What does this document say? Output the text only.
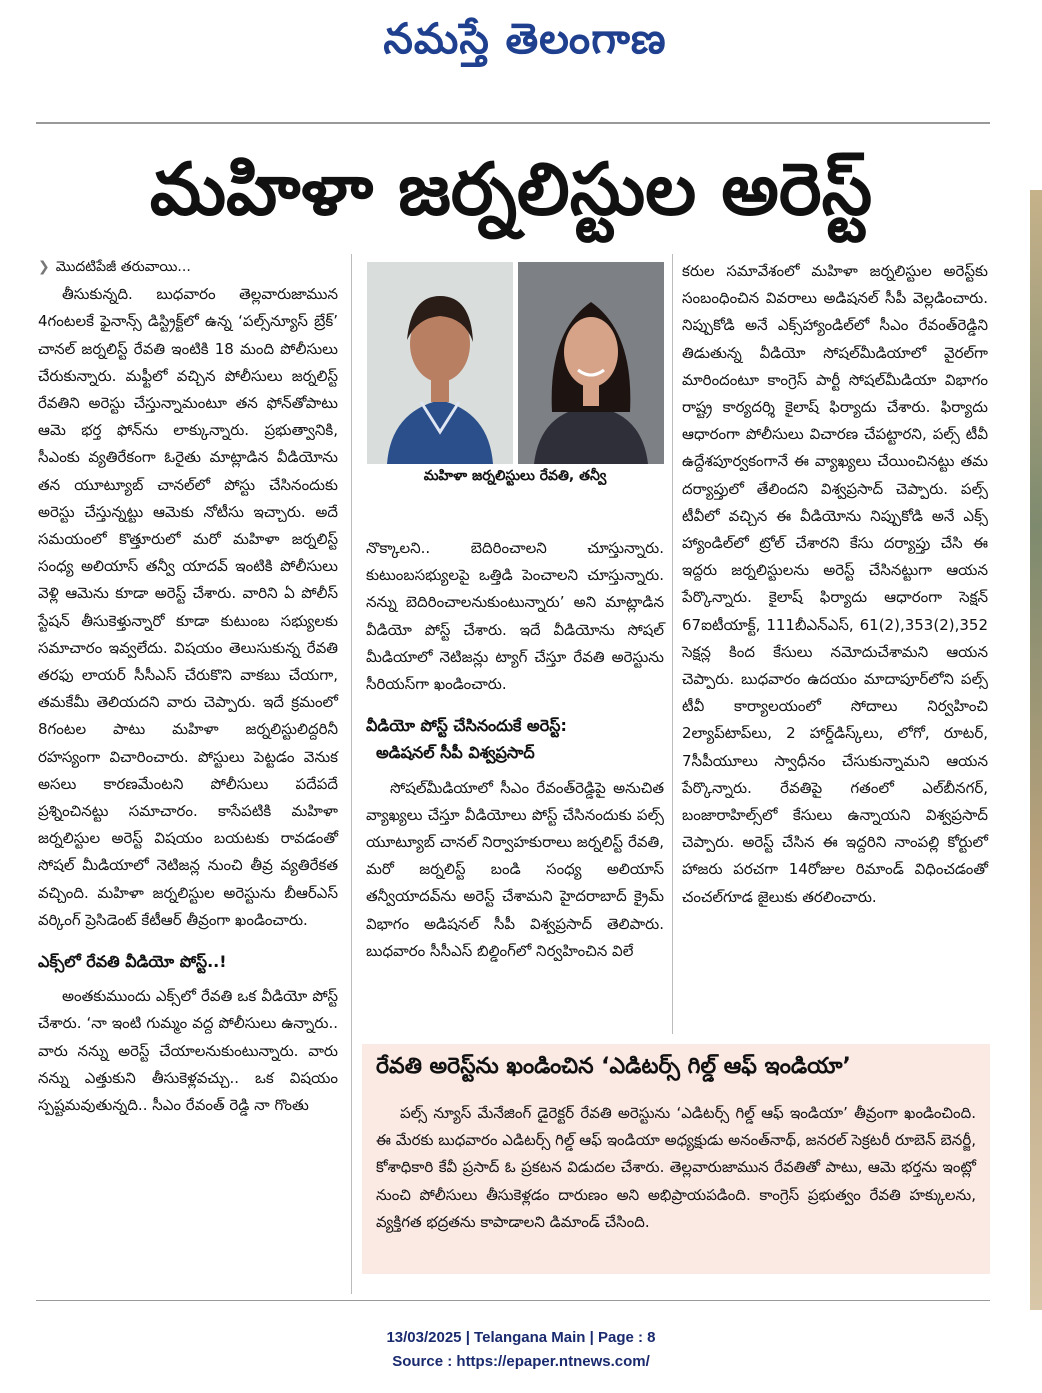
నమస్తే తెలంగాణ
మహిళా జర్నలిస్టుల అరెస్ట్

❯ మొదటిపేజీ తరువాయి...

తీసుకున్నది. బుధవారం తెల్లవారుజామున 4గంటలకే ఫైనాన్స్ డిస్ట్రిక్ట్‌లో ఉన్న ‘పల్స్‌న్యూస్ బ్రేక్’ చానల్ జర్నలిస్ట్ రేవతి ఇంటికి 18 మంది పోలీసులు చేరుకున్నారు. మఫ్టీలో వచ్చిన పోలీసులు జర్నలిస్ట్ రేవతిని అరెస్టు చేస్తున్నామంటూ తన ఫోన్‌తోపాటు ఆమె భర్త ఫోన్‌ను లాక్కున్నారు. ప్రభుత్వానికి, సీఎంకు వ్యతిరేకంగా ఓరైతు మాట్లాడిన వీడియోను తన యూట్యూబ్ చానల్‌లో పోస్టు చేసినందుకు అరెస్టు చేస్తున్నట్టు ఆమెకు నోటీసు ఇచ్చారు. అదే సమయంలో కొత్తూరులో మరో మహిళా జర్నలిస్ట్ సంధ్య అలియాస్ తన్వీ యాదవ్ ఇంటికి పోలీసులు వెళ్లి ఆమెను కూడా అరెస్ట్ చేశారు. వారిని ఏ పోలీస్ స్టేషన్ తీసుకెళ్తున్నారో కూడా కుటుంబ సభ్యులకు సమాచారం ఇవ్వలేదు. విషయం తెలుసుకున్న రేవతి తరఫు లాయర్ సీసీఎస్ చేరుకొని వాకబు చేయగా, తమకేమీ తెలియదని వారు చెప్పారు. ఇదే క్రమంలో 8గంటల పాటు మహిళా జర్నలిస్టులిద్దరినీ రహస్యంగా విచారించారు. పోస్టులు పెట్టడం వెనుక అసలు కారణమేంటని పోలీసులు పదేపదే ప్రశ్నించినట్టు సమాచారం. కాసేపటికి మహిళా జర్నలిస్టుల అరెస్ట్ విషయం బయటకు రావడంతో సోషల్ మీడియాలో నెటిజన్ల నుంచి తీవ్ర వ్యతిరేకత వచ్చింది. మహిళా జర్నలిస్టుల అరెస్టును బీఆర్‌ఎస్ వర్కింగ్ ప్రెసిడెంట్ కేటీఆర్ తీవ్రంగా ఖండించారు.

ఎక్స్‌లో రేవతి వీడియో పోస్ట్..!

అంతకుముందు ఎక్స్‌లో రేవతి ఒక వీడియో పోస్ట్ చేశారు. ‘నా ఇంటి గుమ్మం వద్ద పోలీసులు ఉన్నారు.. వారు నన్ను అరెస్ట్ చేయాలనుకుంటున్నారు. వారు నన్ను ఎత్తుకుని తీసుకెళ్లవచ్చు.. ఒక విషయం స్పష్టమవుతున్నది.. సీఎం రేవంత్ రెడ్డి నా గొంతు

మహిళా జర్నలిస్టులు రేవతి, తన్వీ

నొక్కాలని.. బెదిరించాలని చూస్తున్నారు. కుటుంబసభ్యులపై ఒత్తిడి పెంచాలని చూస్తున్నారు. నన్ను బెదిరించాలనుకుంటున్నారు’ అని మాట్లాడిన వీడియో పోస్ట్ చేశారు. ఇదే వీడియోను సోషల్ మీడియాలో నెటిజన్లు ట్యాగ్ చేస్తూ రేవతి అరెస్టును సీరియస్‌గా ఖండించారు.

వీడియో పోస్ట్ చేసినందుకే అరెస్ట్:

అడిషనల్ సీపీ విశ్వప్రసాద్

సోషల్‌మీడియాలో సీఎం రేవంత్‌రెడ్డిపై అనుచిత వ్యాఖ్యలు చేస్తూ వీడియోలు పోస్ట్ చేసినందుకు పల్స్ యూట్యూబ్ చానల్ నిర్వాహకురాలు జర్నలిస్ట్ రేవతి, మరో జర్నలిస్ట్ బండి సంధ్య అలియాస్ తన్వీయాదవ్‌ను అరెస్ట్ చేశామని హైదరాబాద్ క్రైమ్ విభాగం అడిషనల్ సీపీ విశ్వప్రసాద్ తెలిపారు. బుధవారం సీసీఎస్ బిల్డింగ్‌లో నిర్వహించిన విలే

కరుల సమావేశంలో మహిళా జర్నలిస్టుల అరెస్ట్‌కు సంబంధించిన వివరాలు అడిషనల్ సీపీ వెల్లడించారు. నిప్పుకోడి అనే ఎక్స్‌హ్యాండిల్‌లో సీఎం రేవంత్‌రెడ్డిని తిడుతున్న వీడియో సోషల్‌మీడియాలో వైరల్‌గా మారిందంటూ కాంగ్రెస్ పార్టీ సోషల్‌మీడియా విభాగం రాష్ట్ర కార్యదర్శి కైలాష్ ఫిర్యాదు చేశారు. ఫిర్యాదు ఆధారంగా పోలీసులు విచారణ చేపట్టారని, పల్స్ టీవీ ఉద్దేశపూర్వకంగానే ఈ వ్యాఖ్యలు చేయించినట్టు తమ దర్యాప్తులో తేలిందని విశ్వప్రసాద్ చెప్పారు. పల్స్ టీవీలో వచ్చిన ఈ వీడియోను నిప్పుకోడి అనే ఎక్స్ హ్యాండిల్‌లో ట్రోల్ చేశారని కేసు దర్యాప్తు చేసి ఈ ఇద్దరు జర్నలిస్టులను అరెస్ట్ చేసినట్టుగా ఆయన పేర్కొన్నారు. కైలాష్ ఫిర్యాదు ఆధారంగా సెక్షన్ 67ఐటీయాక్ట్, 111బీఎన్‌ఎస్, 61(2),353(2),352 సెక్షన్ల కింద కేసులు నమోదుచేశామని ఆయన చెప్పారు. బుధవారం ఉదయం మాదాపూర్‌లోని పల్స్ టీవీ కార్యాలయంలో సోదాలు నిర్వహించి 2ల్యాప్‌టాప్‌లు, 2 హార్డ్‌డిస్క్‌లు, లోగో, రూటర్, 7సీపీయూలు స్వాధీనం చేసుకున్నామని ఆయన పేర్కొన్నారు. రేవతిపై గతంలో ఎల్‌బీనగర్, బంజారాహిల్స్‌లో కేసులు ఉన్నాయని విశ్వప్రసాద్ చెప్పారు. అరెస్ట్ చేసిన ఈ ఇద్దరిని నాంపల్లి కోర్టులో హాజరు పరచగా 14రోజుల రిమాండ్ విధించడంతో చంచల్‌గూడ జైలుకు తరలించారు.

రేవతి అరెస్ట్‌ను ఖండించిన ‘ఎడిటర్స్ గిల్డ్ ఆఫ్ ఇండియా’
పల్స్ న్యూస్ మేనేజింగ్ డైరెక్టర్ రేవతి అరెస్టును ‘ఎడిటర్స్ గిల్డ్ ఆఫ్ ఇండియా’ తీవ్రంగా ఖండించింది. ఈ మేరకు బుధవారం ఎడిటర్స్ గిల్డ్ ఆఫ్ ఇండియా అధ్యక్షుడు అనంత్‌నాథ్, జనరల్ సెక్రటరీ రూబెన్ బెనర్జీ, కోశాధికారి కేవీ ప్రసాద్ ఓ ప్రకటన విడుదల చేశారు. తెల్లవారుజామున రేవతితో పాటు, ఆమె భర్తను ఇంట్లో నుంచి పోలీసులు తీసుకెళ్లడం దారుణం అని అభిప్రాయపడింది. కాంగ్రెస్ ప్రభుత్వం రేవతి హక్కులను, వ్యక్తిగత భద్రతను కాపాడాలని డిమాండ్ చేసింది.
13/03/2025 | Telangana Main | Page : 8
Source : https://epaper.ntnews.com/
